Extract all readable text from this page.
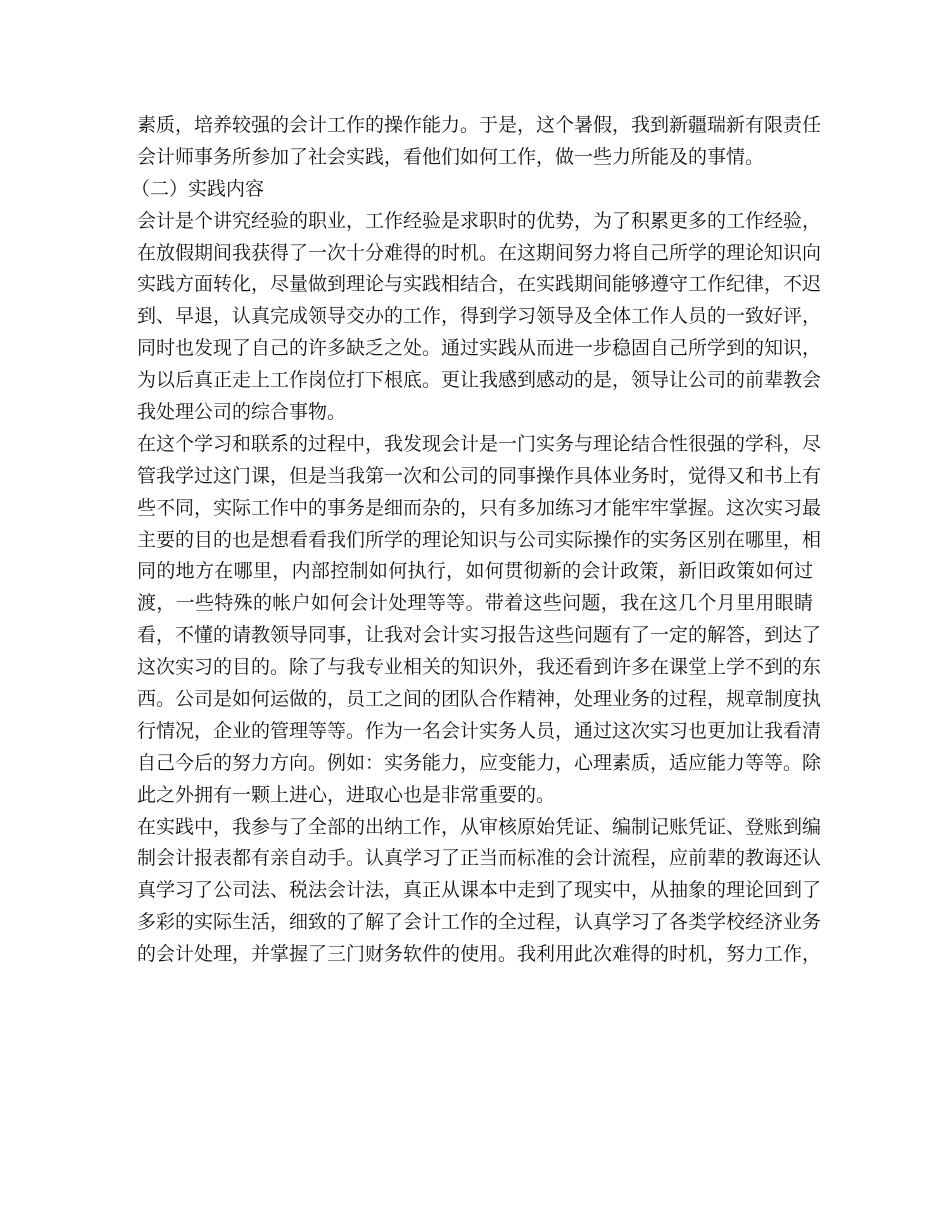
素质，培养较强的会计工作的操作能力。于是，这个暑假，我到新疆瑞新有限责任
会计师事务所参加了社会实践，看他们如何工作，做一些力所能及的事情。
（二）实践内容
会计是个讲究经验的职业，工作经验是求职时的优势，为了积累更多的工作经验，
在放假期间我获得了一次十分难得的时机。在这期间努力将自己所学的理论知识向
实践方面转化，尽量做到理论与实践相结合，在实践期间能够遵守工作纪律，不迟
到、早退，认真完成领导交办的工作，得到学习领导及全体工作人员的一致好评，
同时也发现了自己的许多缺乏之处。通过实践从而进一步稳固自己所学到的知识，
为以后真正走上工作岗位打下根底。更让我感到感动的是，领导让公司的前辈教会
我处理公司的综合事物。
在这个学习和联系的过程中，我发现会计是一门实务与理论结合性很强的学科，尽
管我学过这门课，但是当我第一次和公司的同事操作具体业务时，觉得又和书上有
些不同，实际工作中的事务是细而杂的，只有多加练习才能牢牢掌握。这次实习最
主要的目的也是想看看我们所学的理论知识与公司实际操作的实务区别在哪里，相
同的地方在哪里，内部控制如何执行，如何贯彻新的会计政策，新旧政策如何过
渡，一些特殊的帐户如何会计处理等等。带着这些问题，我在这几个月里用眼睛
看，不懂的请教领导同事，让我对会计实习报告这些问题有了一定的解答，到达了
这次实习的目的。除了与我专业相关的知识外，我还看到许多在课堂上学不到的东
西。公司是如何运做的，员工之间的团队合作精神，处理业务的过程，规章制度执
行情况，企业的管理等等。作为一名会计实务人员，通过这次实习也更加让我看清
自己今后的努力方向。例如：实务能力，应变能力，心理素质，适应能力等等。除
此之外拥有一颗上进心，进取心也是非常重要的。
在实践中，我参与了全部的出纳工作，从审核原始凭证、编制记账凭证、登账到编
制会计报表都有亲自动手。认真学习了正当而标准的会计流程，应前辈的教诲还认
真学习了公司法、税法会计法，真正从课本中走到了现实中，从抽象的理论回到了
多彩的实际生活，细致的了解了会计工作的全过程，认真学习了各类学校经济业务
的会计处理，并掌握了三门财务软件的使用。我利用此次难得的时机，努力工作，
